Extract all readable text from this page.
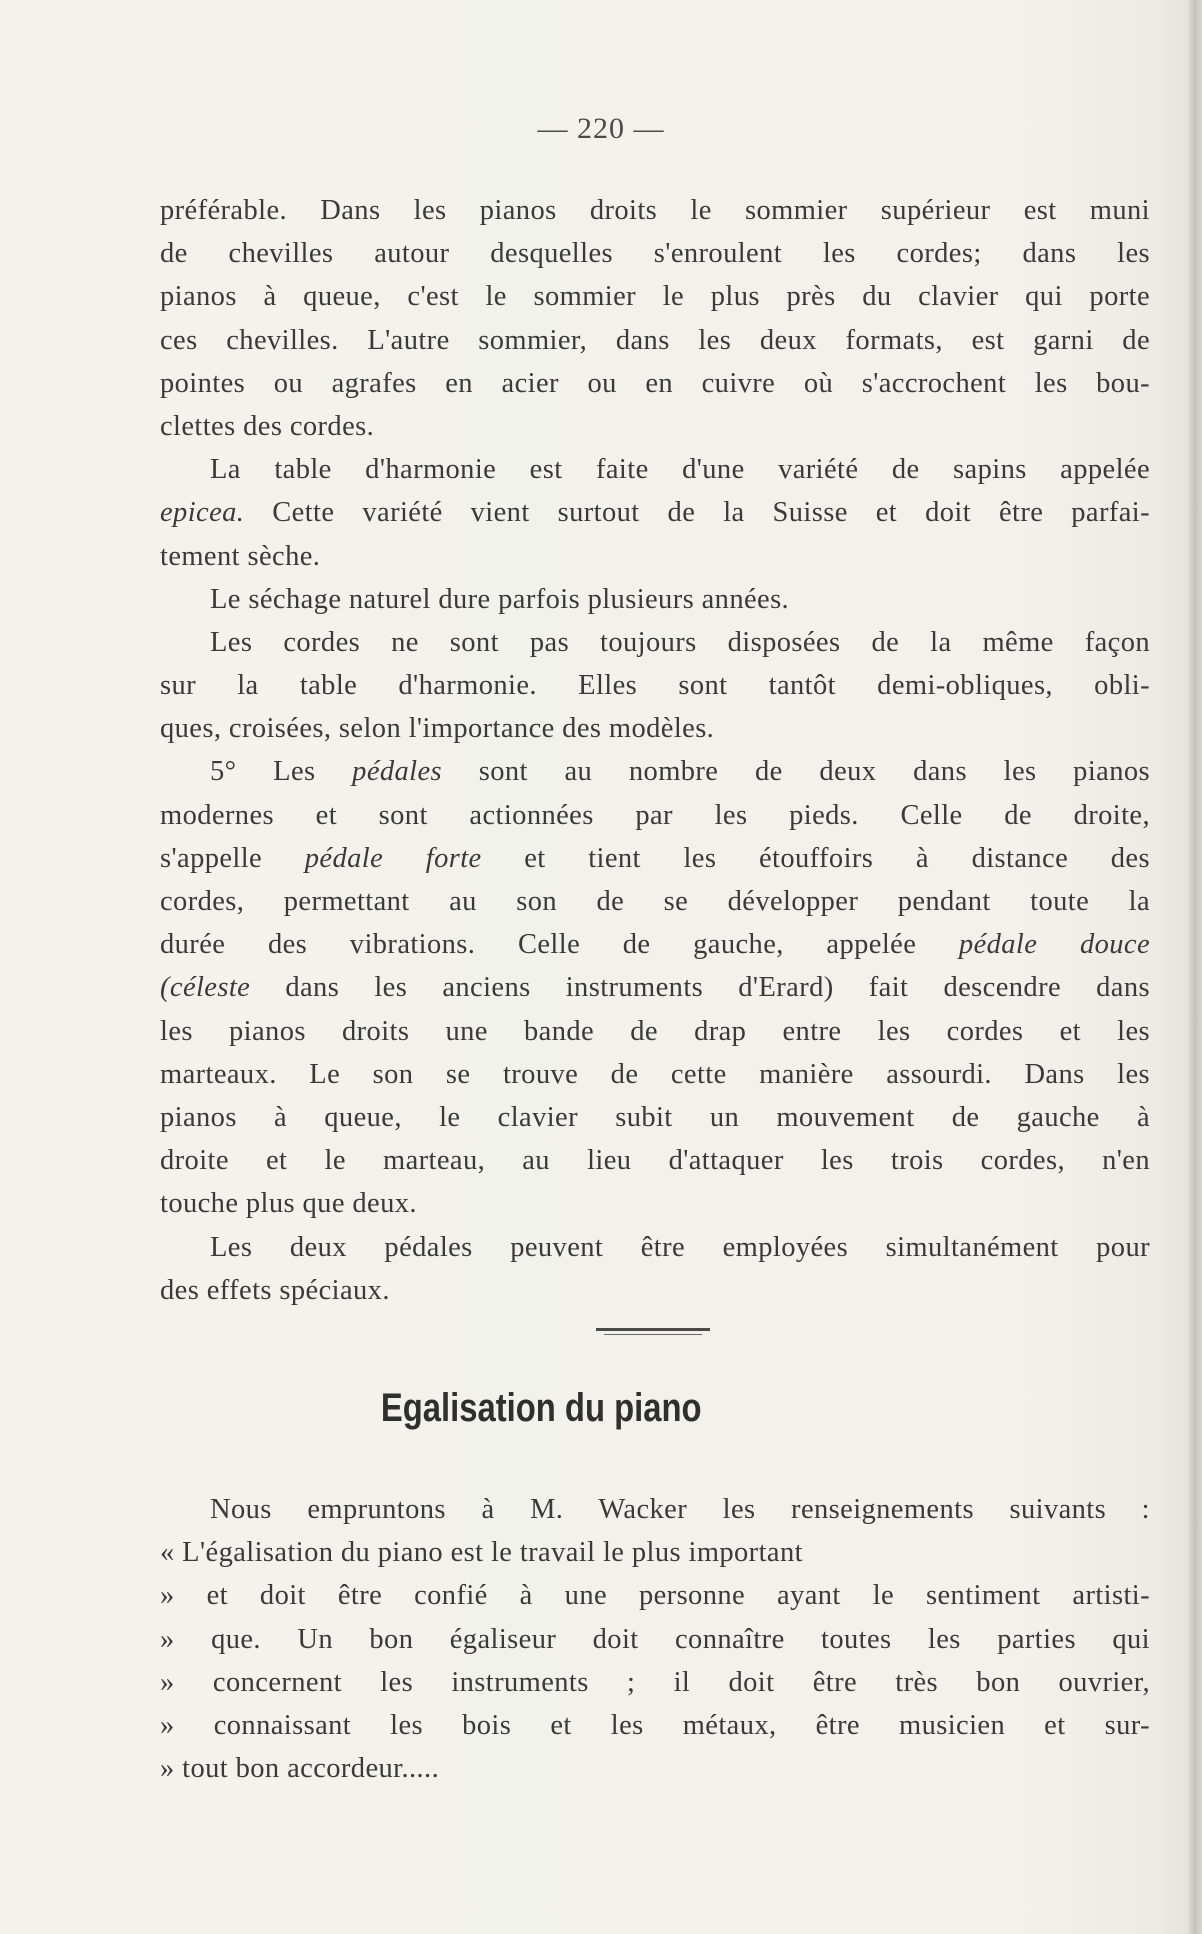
— 220 —
préférable. Dans les pianos droits le sommier supérieur est muni
de chevilles autour desquelles s'enroulent les cordes; dans les
pianos à queue, c'est le sommier le plus près du clavier qui porte
ces chevilles. L'autre sommier, dans les deux formats, est garni de
pointes ou agrafes en acier ou en cuivre où s'accrochent les bou-
clettes des cordes.
La table d'harmonie est faite d'une variété de sapins appelée
epicea. Cette variété vient surtout de la Suisse et doit être parfai-
tement sèche.
Le séchage naturel dure parfois plusieurs années.
Les cordes ne sont pas toujours disposées de la même façon
sur la table d'harmonie. Elles sont tantôt demi-obliques, obli-
ques, croisées, selon l'importance des modèles.
5° Les pédales sont au nombre de deux dans les pianos
modernes et sont actionnées par les pieds. Celle de droite,
s'appelle pédale forte et tient les étouffoirs à distance des
cordes, permettant au son de se développer pendant toute la
durée des vibrations. Celle de gauche, appelée pédale douce
(céleste dans les anciens instruments d'Erard) fait descendre dans
les pianos droits une bande de drap entre les cordes et les
marteaux. Le son se trouve de cette manière assourdi. Dans les
pianos à queue, le clavier subit un mouvement de gauche à
droite et le marteau, au lieu d'attaquer les trois cordes, n'en
touche plus que deux.
Les deux pédales peuvent être employées simultanément pour
des effets spéciaux.
Egalisation du piano
Nous empruntons à M. Wacker les renseignements suivants :
« L'égalisation du piano est le travail le plus important
» et doit être confié à une personne ayant le sentiment artisti-
» que. Un bon égaliseur doit connaître toutes les parties qui
» concernent les instruments ; il doit être très bon ouvrier,
» connaissant les bois et les métaux, être musicien et sur-
» tout bon accordeur.....
